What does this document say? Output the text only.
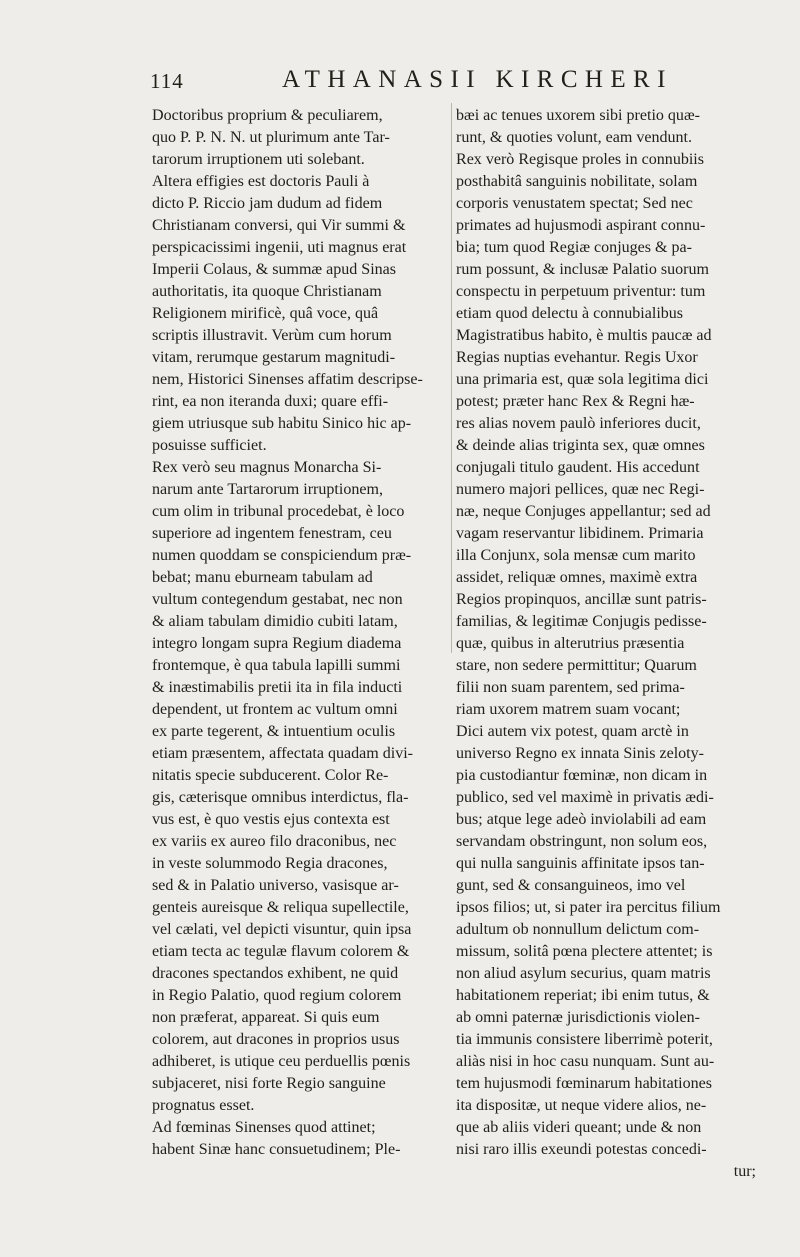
114	ATHANASII KIRCHERI
Doctoribus proprium & peculiarem,
quo P. P. N. N. ut plurimum ante Tar-
tarorum irruptionem uti solebant.
Altera effigies est doctoris Pauli à
dicto P. Riccio jam dudum ad fidem
Christianam conversi, qui Vir summi &
perspicacissimi ingenii, uti magnus erat
Imperii Colaus, & summæ apud Sinas
authoritatis, ita quoque Christianam
Religionem mirificè, quâ voce, quâ
scriptis illustravit. Verùm cum horum
vitam, rerumque gestarum magnitudi-
nem, Historici Sinenses affatim descripse-
rint, ea non iteranda duxi; quare effi-
giem utriusque sub habitu Sinico hic ap-
posuisse sufficiet.
Rex verò seu magnus Monarcha Si-
narum ante Tartarorum irruptionem,
cum olim in tribunal procedebat, è loco
superiore ad ingentem fenestram, ceu
numen quoddam se conspiciendum præ-
bebat; manu eburneam tabulam ad
vultum contegendum gestabat, nec non
& aliam tabulam dimidio cubiti latam,
integro longam supra Regium diadema
frontemque, è qua tabula lapilli summi
& inæstimabilis pretii ita in fila inducti
dependent, ut frontem ac vultum omni
ex parte tegerent, & intuentium oculis
etiam præsentem, affectata quadam divi-
nitatis specie subducerent. Color Re-
gis, cæterisque omnibus interdictus, fla-
vus est, è quo vestis ejus contexta est
ex variis ex aureo filo draconibus, nec
in veste solummodo Regia dracones,
sed & in Palatio universo, vasisque ar-
genteis aureisque & reliqua supellectile,
vel cælati, vel depicti visuntur, quin ipsa
etiam tecta ac tegulæ flavum colorem &
dracones spectandos exhibent, ne quid
in Regio Palatio, quod regium colorem
non præferat, appareat. Si quis eum
colorem, aut dracones in proprios usus
adhiberet, is utique ceu perduellis pœnis
subjaceret, nisi forte Regio sanguine
prognatus esset.
Ad fœminas Sinenses quod attinet;
habent Sinæ hanc consuetudinem; Ple-
bæi ac tenues uxorem sibi pretio quæ-
runt, & quoties volunt, eam vendunt.
Rex verò Regisque proles in connubiis
posthabitâ sanguinis nobilitate, solam
corporis venustatem spectat; Sed nec
primates ad hujusmodi aspirant connu-
bia; tum quod Regiæ conjuges & pa-
rum possunt, & inclusæ Palatio suorum
conspectu in perpetuum priventur: tum
etiam quod delectu à connubialibus
Magistratibus habito, è multis paucæ ad
Regias nuptias evehantur. Regis Uxor
una primaria est, quæ sola legitima dici
potest; præter hanc Rex & Regni hæ-
res alias novem paulò inferiores ducit,
& deinde alias triginta sex, quæ omnes
conjugali titulo gaudent. His accedunt
numero majori pellices, quæ nec Regi-
næ, neque Conjuges appellantur; sed ad
vagam reservantur libidinem. Primaria
illa Conjunx, sola mensæ cum marito
assidet, reliquæ omnes, maximè extra
Regios propinquos, ancillæ sunt patris-
familias, & legitimæ Conjugis pedisse-
quæ, quibus in alterutrius præsentia
stare, non sedere permittitur; Quarum
filii non suam parentem, sed prima-
riam uxorem matrem suam vocant;
Dici autem vix potest, quam arctè in
universo Regno ex innata Sinis zeloty-
pia custodiantur fœminæ, non dicam in
publico, sed vel maximè in privatis ædi-
bus; atque lege adeò inviolabili ad eam
servandam obstringunt, non solum eos,
qui nulla sanguinis affinitate ipsos tan-
gunt, sed & consanguineos, imo vel
ipsos filios; ut, si pater ira percitus filium
adultum ob nonnullum delictum com-
missum, solitâ pœna plectere attentet; is
non aliud asylum securius, quam matris
habitationem reperiat; ibi enim tutus, &
ab omni paternæ jurisdictionis violen-
tia immunis consistere liberrimè poterit,
aliàs nisi in hoc casu nunquam. Sunt au-
tem hujusmodi fœminarum habitationes
ita dispositæ, ut neque videre alios, ne-
que ab aliis videri queant; unde & non
nisi raro illis exeundi potestas concedi-
tur;
